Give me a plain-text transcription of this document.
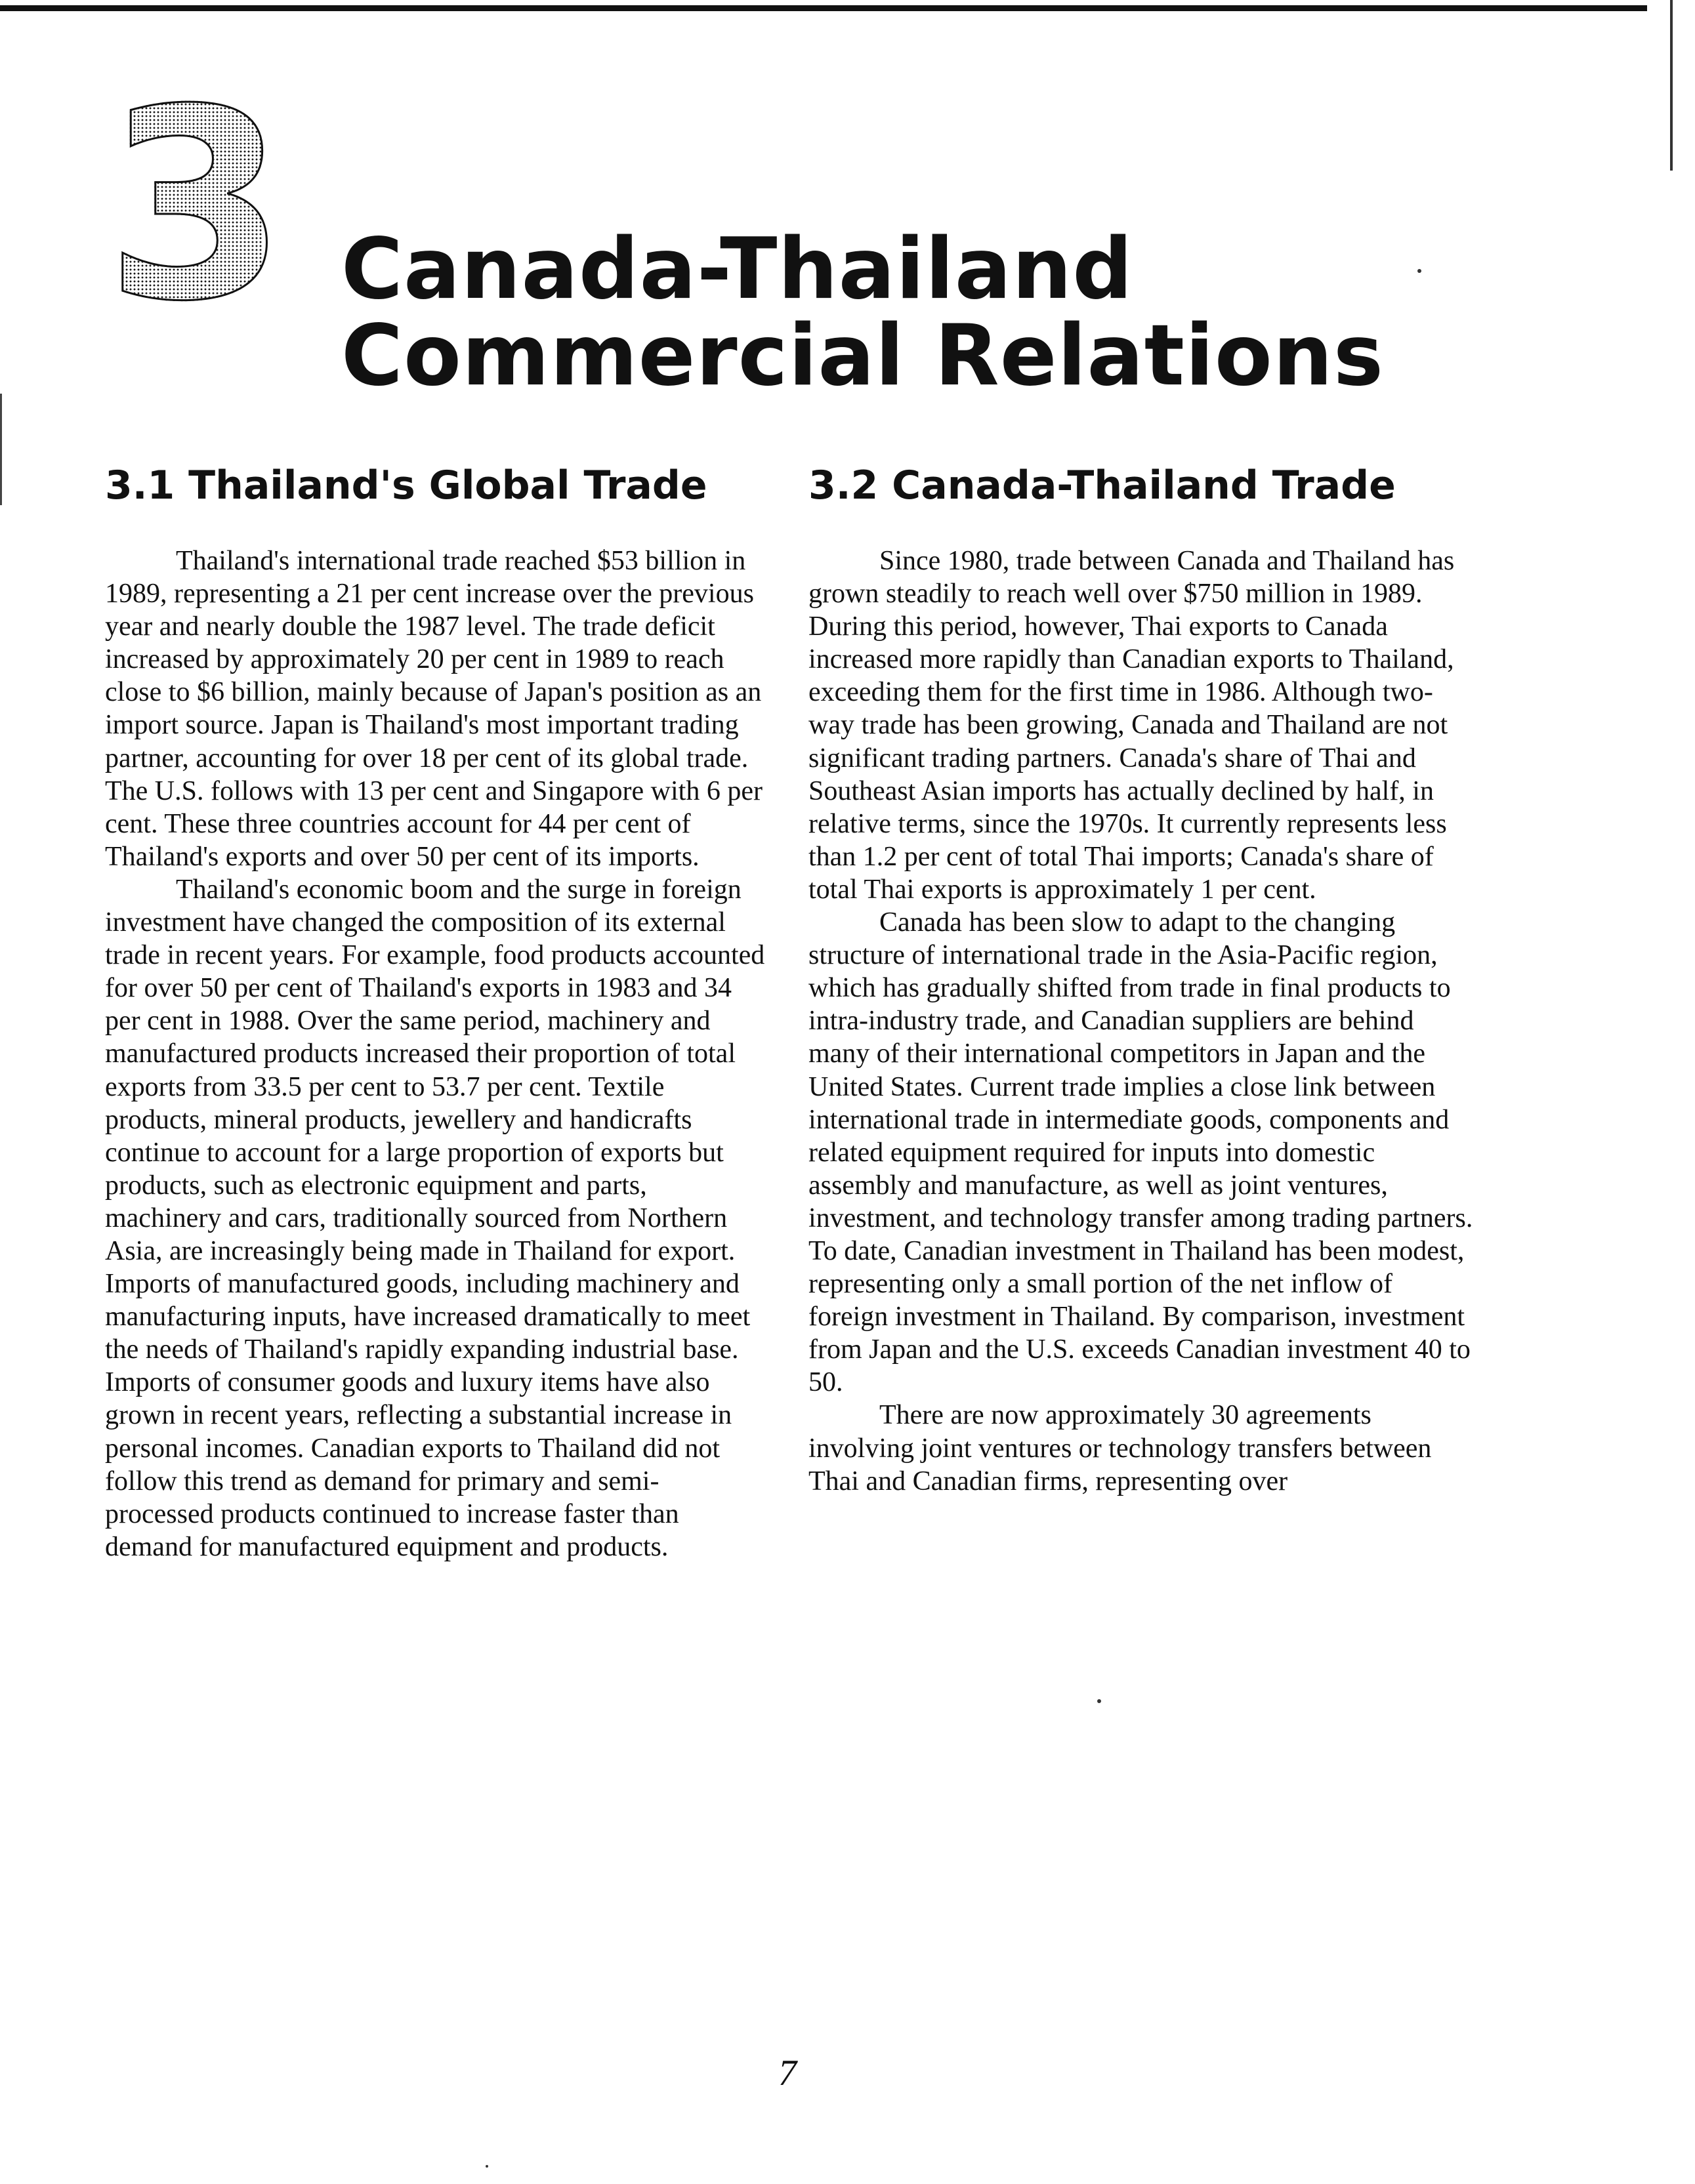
3 Canada-Thailand
Commercial Relations
3.1 Thailand's Global Trade

Thailand's international trade reached $53 billion in 1989, representing a 21 per cent increase over the previous year and nearly double the 1987 level. The trade deficit increased by approximately 20 per cent in 1989 to reach close to $6 billion, mainly because of Japan's position as an import source. Japan is Thailand's most important trading partner, accounting for over 18 per cent of its global trade. The U.S. follows with 13 per cent and Singapore with 6 per cent. These three countries account for 44 per cent of Thailand's exports and over 50 per cent of its imports.

Thailand's economic boom and the surge in foreign investment have changed the composition of its external trade in recent years. For example, food products accounted for over 50 per cent of Thailand's exports in 1983 and 34 per cent in 1988. Over the same period, machinery and manufactured products increased their proportion of total exports from 33.5 per cent to 53.7 per cent. Textile products, mineral products, jewellery and handicrafts continue to account for a large proportion of exports but products, such as electronic equipment and parts, machinery and cars, traditionally sourced from Northern Asia, are increasingly being made in Thailand for export. Imports of manufactured goods, including machinery and manufacturing inputs, have increased dramatically to meet the needs of Thailand's rapidly expanding industrial base. Imports of consumer goods and luxury items have also grown in recent years, reflecting a substantial increase in personal incomes. Canadian exports to Thailand did not follow this trend as demand for primary and semi-processed products continued to increase faster than demand for manufactured equipment and products.

3.2 Canada-Thailand Trade

Since 1980, trade between Canada and Thailand has grown steadily to reach well over $750 million in 1989. During this period, however, Thai exports to Canada increased more rapidly than Canadian exports to Thailand, exceeding them for the first time in 1986. Although two-way trade has been growing, Canada and Thailand are not significant trading partners. Canada's share of Thai and Southeast Asian imports has actually declined by half, in relative terms, since the 1970s. It currently represents less than 1.2 per cent of total Thai imports; Canada's share of total Thai exports is approximately 1 per cent.

Canada has been slow to adapt to the changing structure of international trade in the Asia-Pacific region, which has gradually shifted from trade in final products to intra-industry trade, and Canadian suppliers are behind many of their international competitors in Japan and the United States. Current trade implies a close link between international trade in intermediate goods, components and related equipment required for inputs into domestic assembly and manufacture, as well as joint ventures, investment, and technology transfer among trading partners. To date, Canadian investment in Thailand has been modest, representing only a small portion of the net inflow of foreign investment in Thailand. By comparison, investment from Japan and the U.S. exceeds Canadian investment 40 to 50.

There are now approximately 30 agreements involving joint ventures or technology transfers between Thai and Canadian firms, representing over

7
